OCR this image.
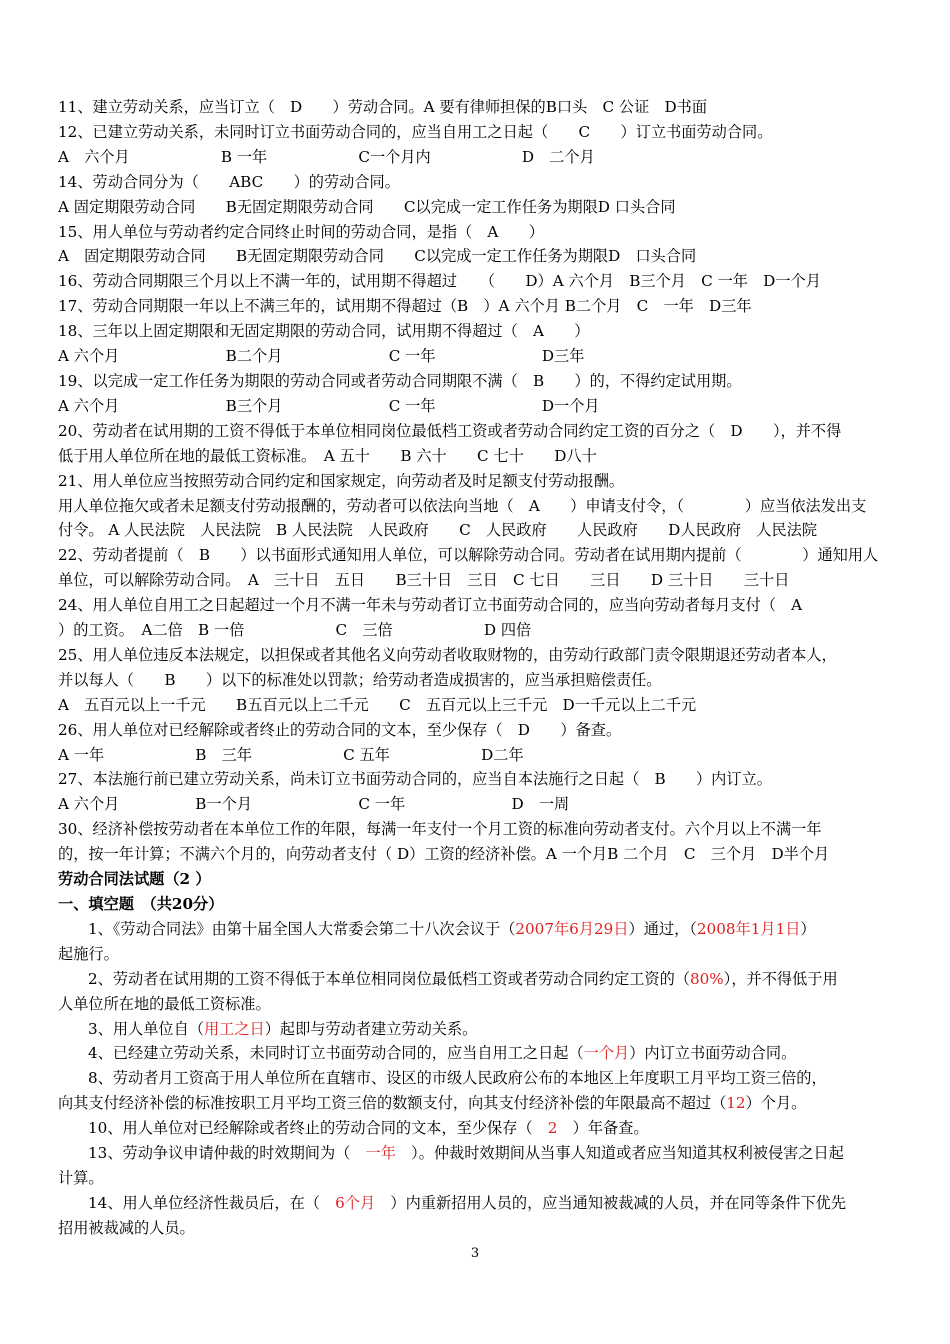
11、建立劳动关系，应当订立（　D　　）劳动合同。A 要有律师担保的B口头　C 公证　D书面
12、已建立劳动关系，未同时订立书面劳动合同的，应当自用工之日起（　　C　　）订立书面劳动合同。
A　六个月　　　　　　B 一年　　　　　　C一个月内　　　　　　D　二个月
14、劳动合同分为（　　ABC　　）的劳动合同。
A 固定期限劳动合同　　B无固定期限劳动合同　　C以完成一定工作任务为期限D 口头合同
15、用人单位与劳动者约定合同终止时间的劳动合同，是指（　A　　）
A　固定期限劳动合同　　B无固定期限劳动合同　　C以完成一定工作任务为期限D　口头合同
16、劳动合同期限三个月以上不满一年的，试用期不得超过　　（　　D）A 六个月　B三个月　C 一年　D一个月
17、劳动合同期限一年以上不满三年的，试用期不得超过（B　）A 六个月 B二个月　C　一年　D三年
18、三年以上固定期限和无固定期限的劳动合同，试用期不得超过（　A　　）
A 六个月　　　　　　　B二个月　　　　　　　C 一年　　　　　　　D三年
19、以完成一定工作任务为期限的劳动合同或者劳动合同期限不满（　B　　）的，不得约定试用期。
A 六个月　　　　　　　B三个月　　　　　　　C 一年　　　　　　　D一个月
20、劳动者在试用期的工资不得低于本单位相同岗位最低档工资或者劳动合同约定工资的百分之（　D　　），并不得
低于用人单位所在地的最低工资标准。　A 五十　　B 六十　　C 七十　　D八十
21、用人单位应当按照劳动合同约定和国家规定，向劳动者及时足额支付劳动报酬。
用人单位拖欠或者未足额支付劳动报酬的，劳动者可以依法向当地（　A　　）申请支付令，（　　　　）应当依法发出支
付令。 A 人民法院　人民法院　B 人民法院　人民政府　　C　人民政府　　人民政府　　D人民政府　人民法院
22、劳动者提前（　B　　）以书面形式通知用人单位，可以解除劳动合同。劳动者在试用期内提前（　　　　）通知用人
单位，可以解除劳动合同。　A　三十日　五日　　B三十日　三日　C 七日　　三日　　D 三十日　　三十日
24、用人单位自用工之日起超过一个月不满一年未与劳动者订立书面劳动合同的，应当向劳动者每月支付（　A
）的工资。　A二倍　B 一倍　　　　　　C　三倍　　　　　　D 四倍
25、用人单位违反本法规定，以担保或者其他名义向劳动者收取财物的，由劳动行政部门责令限期退还劳动者本人，
并以每人（　　B　　）以下的标准处以罚款；给劳动者造成损害的，应当承担赔偿责任。
A　五百元以上一千元　　B五百元以上二千元　　C　五百元以上三千元　D一千元以上二千元
26、用人单位对已经解除或者终止的劳动合同的文本，至少保存（　D　　）备查。
A 一年　　　　　　B　三年　　　　　　C 五年　　　　　　D二年
27、本法施行前已建立劳动关系，尚未订立书面劳动合同的，应当自本法施行之日起（　B　　）内订立。
A 六个月　　　　　B一个月　　　　　　　C 一年　　　　　　　D　一周
30、经济补偿按劳动者在本单位工作的年限，每满一年支付一个月工资的标准向劳动者支付。六个月以上不满一年
的，按一年计算；不满六个月的，向劳动者支付（ D）工资的经济补偿。A 一个月B 二个月　C　三个月　D半个月
劳动合同法试题（2 ）
一、填空题　（共20分）
1、《劳动合同法》由第十届全国人大常委会第二十八次会议于（2007年6月29日）通过，（2008年1月1日）
起施行。
2、劳动者在试用期的工资不得低于本单位相同岗位最低档工资或者劳动合同约定工资的（80%），并不得低于用
人单位所在地的最低工资标准。
3、用人单位自（用工之日）起即与劳动者建立劳动关系。
4、已经建立劳动关系，未同时订立书面劳动合同的，应当自用工之日起（一个月）内订立书面劳动合同。
8、劳动者月工资高于用人单位所在直辖市、设区的市级人民政府公布的本地区上年度职工月平均工资三倍的，
向其支付经济补偿的标准按职工月平均工资三倍的数额支付，向其支付经济补偿的年限最高不超过（12）个月。
10、用人单位对已经解除或者终止的劳动合同的文本，至少保存（　2　）年备查。
13、劳动争议申请仲裁的时效期间为（　一年　）。仲裁时效期间从当事人知道或者应当知道其权利被侵害之日起
计算。
14、用人单位经济性裁员后，在（　6个月　）内重新招用人员的，应当通知被裁减的人员，并在同等条件下优先
招用被裁减的人员。
3
